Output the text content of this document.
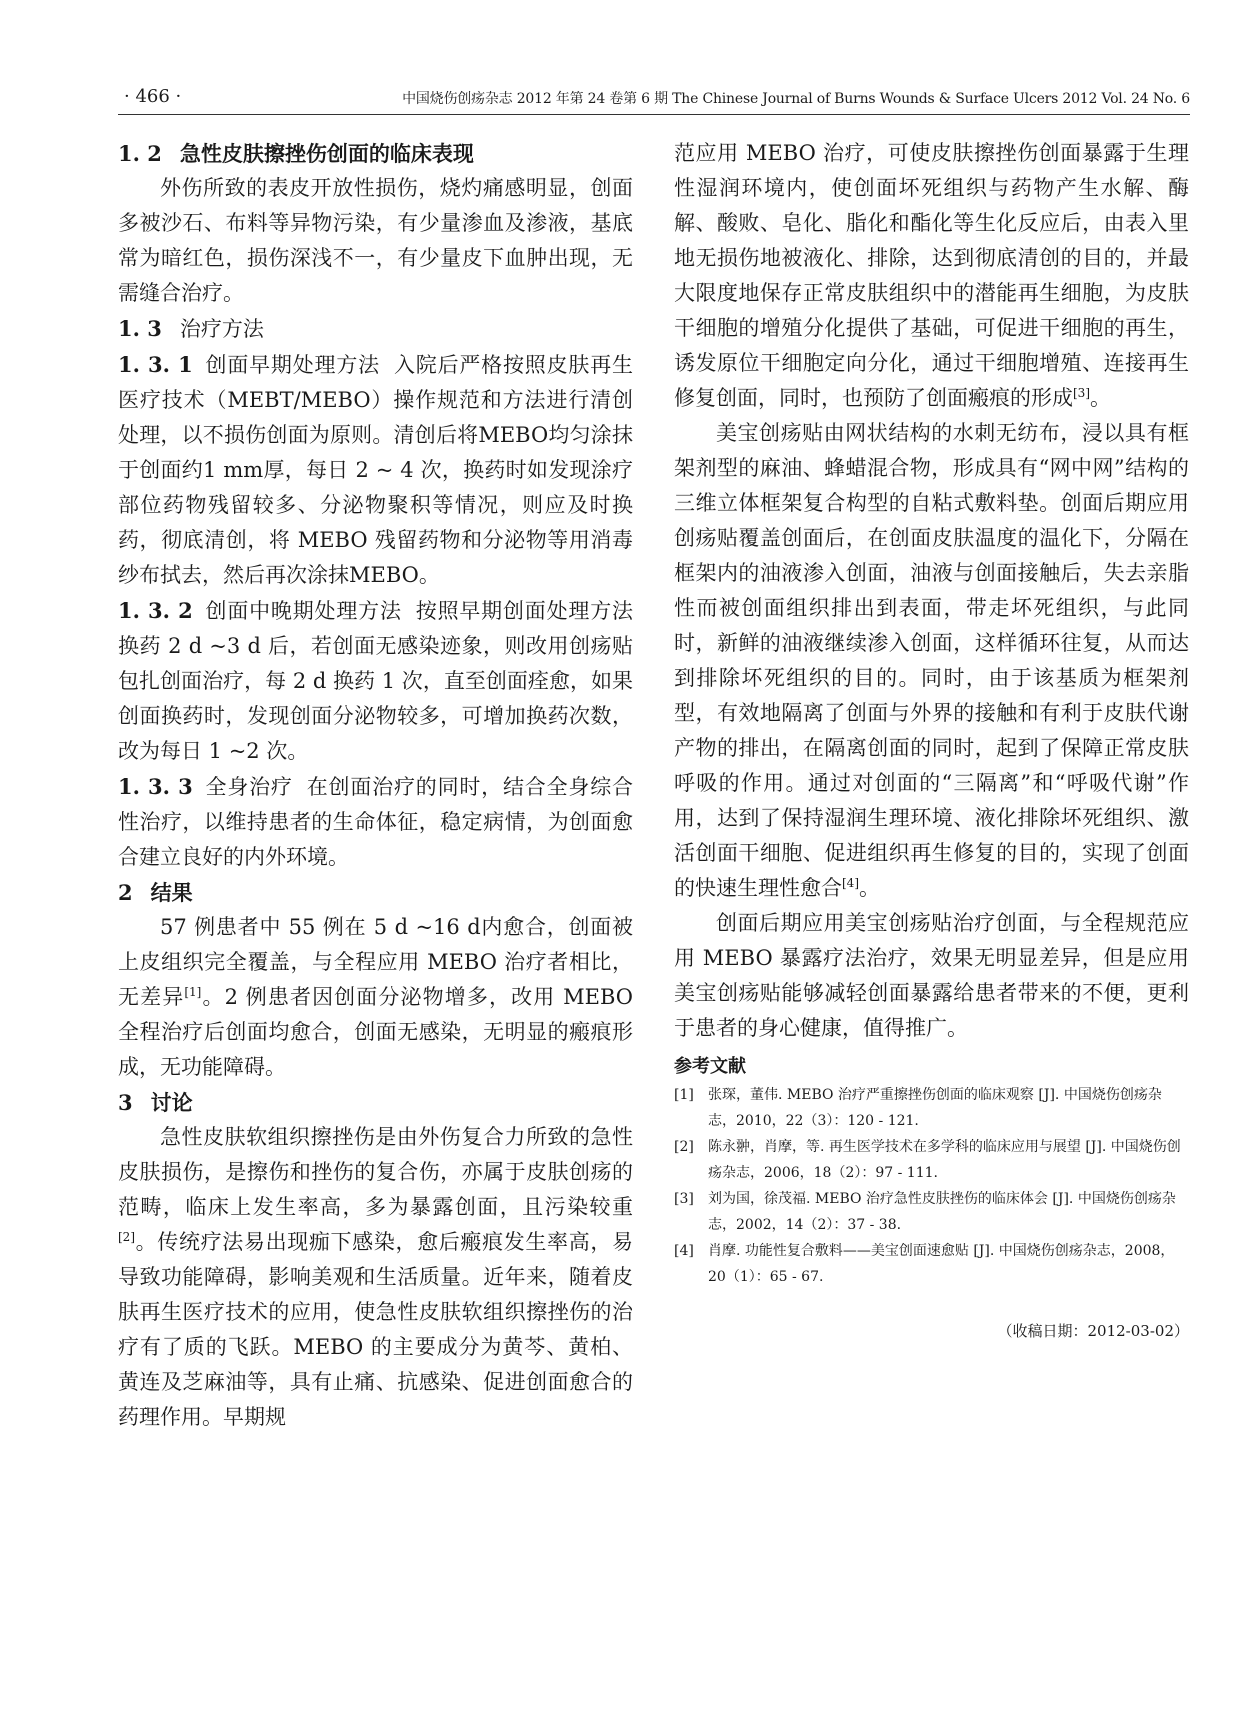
· 466 ·	中国烧伤创疡杂志 2012 年第 24 卷第 6 期 The Chinese Journal of Burns Wounds & Surface Ulcers 2012 Vol. 24 No. 6

1. 2 急性皮肤擦挫伤创面的临床表现

外伤所致的表皮开放性损伤，烧灼痛感明显，创面多被沙石、布料等异物污染，有少量渗血及渗液，基底常为暗红色，损伤深浅不一，有少量皮下血肿出现，无需缝合治疗。

1. 3 治疗方法

1. 3. 1 创面早期处理方法 入院后严格按照皮肤再生医疗技术（MEBT/MEBO）操作规范和方法进行清创处理，以不损伤创面为原则。清创后将MEBO均匀涂抹于创面约1 mm厚，每日 2 ~ 4 次，换药时如发现涂疗部位药物残留较多、分泌物聚积等情况，则应及时换药，彻底清创，将 MEBO 残留药物和分泌物等用消毒纱布拭去，然后再次涂抹MEBO。

1. 3. 2 创面中晚期处理方法 按照早期创面处理方法换药 2 d ~3 d 后，若创面无感染迹象，则改用创疡贴包扎创面治疗，每 2 d 换药 1 次，直至创面痊愈，如果创面换药时，发现创面分泌物较多，可增加换药次数，改为每日 1 ~2 次。

1. 3. 3 全身治疗 在创面治疗的同时，结合全身综合性治疗，以维持患者的生命体征，稳定病情，为创面愈合建立良好的内外环境。

2 结果

57 例患者中 55 例在 5 d ~16 d内愈合，创面被上皮组织完全覆盖，与全程应用 MEBO 治疗者相比，无差异[1]。2 例患者因创面分泌物增多，改用 MEBO 全程治疗后创面均愈合，创面无感染，无明显的瘢痕形成，无功能障碍。

3 讨论

急性皮肤软组织擦挫伤是由外伤复合力所致的急性皮肤损伤，是擦伤和挫伤的复合伤，亦属于皮肤创疡的范畴，临床上发生率高，多为暴露创面，且污染较重[2]。传统疗法易出现痂下感染，愈后瘢痕发生率高，易导致功能障碍，影响美观和生活质量。近年来，随着皮肤再生医疗技术的应用，使急性皮肤软组织擦挫伤的治疗有了质的飞跃。MEBO 的主要成分为黄芩、黄柏、黄连及芝麻油等，具有止痛、抗感染、促进创面愈合的药理作用。早期规

范应用 MEBO 治疗，可使皮肤擦挫伤创面暴露于生理性湿润环境内，使创面坏死组织与药物产生水解、酶解、酸败、皂化、脂化和酯化等生化反应后，由表入里地无损伤地被液化、排除，达到彻底清创的目的，并最大限度地保存正常皮肤组织中的潜能再生细胞，为皮肤干细胞的增殖分化提供了基础，可促进干细胞的再生，诱发原位干细胞定向分化，通过干细胞增殖、连接再生修复创面，同时，也预防了创面瘢痕的形成[3]。

美宝创疡贴由网状结构的水刺无纺布，浸以具有框架剂型的麻油、蜂蜡混合物，形成具有“网中网”结构的三维立体框架复合构型的自粘式敷料垫。创面后期应用创疡贴覆盖创面后，在创面皮肤温度的温化下，分隔在框架内的油液渗入创面，油液与创面接触后，失去亲脂性而被创面组织排出到表面，带走坏死组织，与此同时，新鲜的油液继续渗入创面，这样循环往复，从而达到排除坏死组织的目的。同时，由于该基质为框架剂型，有效地隔离了创面与外界的接触和有利于皮肤代谢产物的排出，在隔离创面的同时，起到了保障正常皮肤呼吸的作用。通过对创面的“三隔离”和“呼吸代谢”作用，达到了保持湿润生理环境、液化排除坏死组织、激活创面干细胞、促进组织再生修复的目的，实现了创面的快速生理性愈合[4]。

创面后期应用美宝创疡贴治疗创面，与全程规范应用 MEBO 暴露疗法治疗，效果无明显差异，但是应用美宝创疡贴能够减轻创面暴露给患者带来的不便，更利于患者的身心健康，值得推广。

参考文献

[1] 张琛，董伟. MEBO 治疗严重擦挫伤创面的临床观察 [J]. 中国烧伤创疡杂志，2010，22（3）：120 - 121.

[2] 陈永翀，肖摩，等. 再生医学技术在多学科的临床应用与展望 [J]. 中国烧伤创疡杂志，2006，18（2）：97 - 111.

[3] 刘为国，徐茂福. MEBO 治疗急性皮肤挫伤的临床体会 [J]. 中国烧伤创疡杂志，2002，14（2）：37 - 38.

[4] 肖摩. 功能性复合敷料——美宝创面速愈贴 [J]. 中国烧伤创疡杂志，2008，20（1）：65 - 67.

（收稿日期：2012-03-02）
